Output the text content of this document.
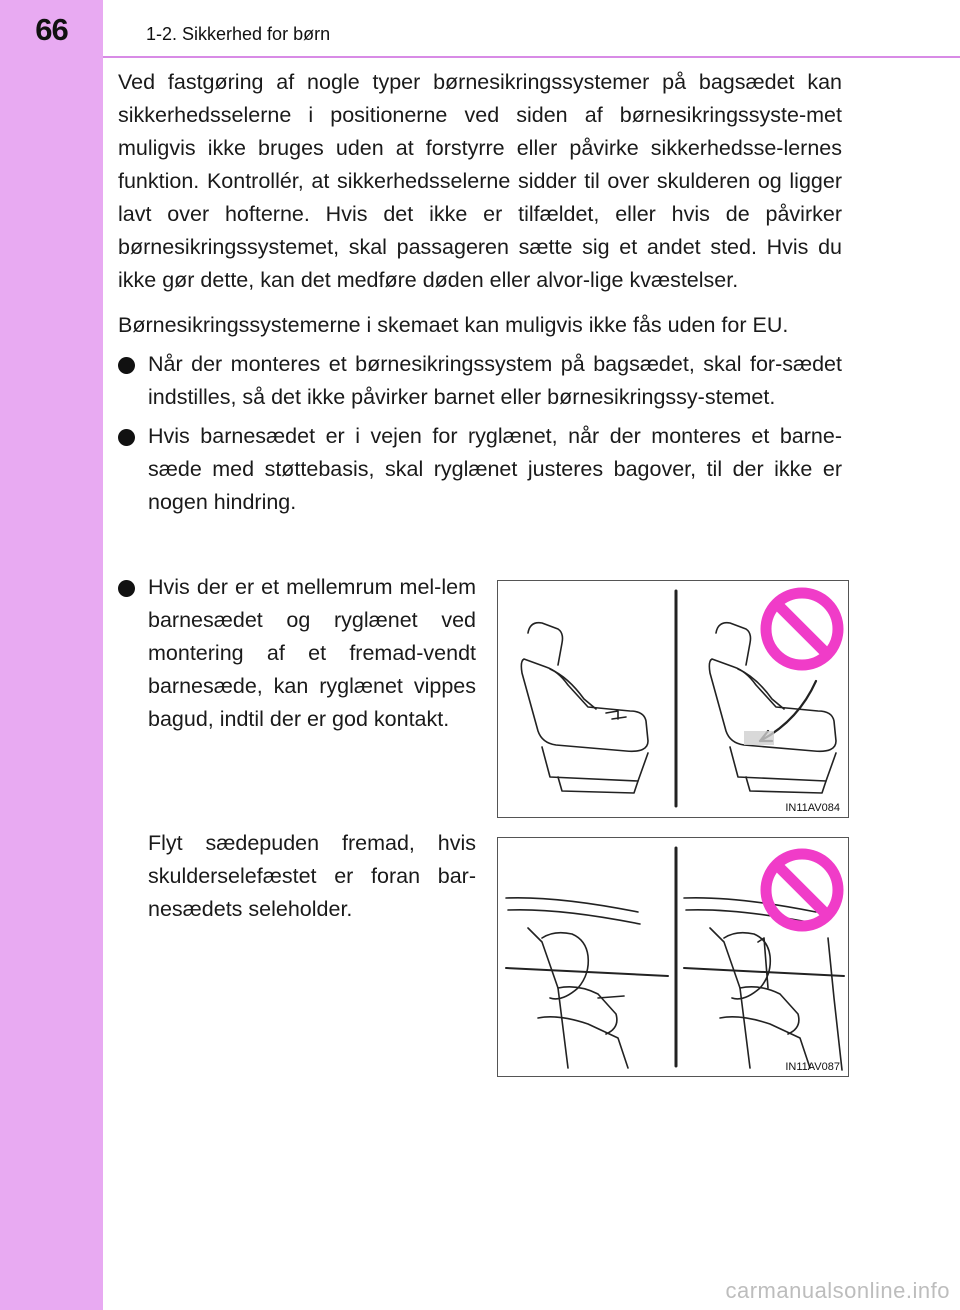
66	1-2. Sikkerhed for børn

Ved fastgøring af nogle typer børnesikringssystemer på bagsædet kan sikkerhedsselerne i positionerne ved siden af børnesikringssyste-met muligvis ikke bruges uden at forstyrre eller påvirke sikkerhedsse-lernes funktion. Kontrollér, at sikkerhedsselerne sidder til over skulderen og ligger lavt over hofterne. Hvis det ikke er tilfældet, eller hvis de påvirker børnesikringssystemet, skal passageren sætte sig et andet sted. Hvis du ikke gør dette, kan det medføre døden eller alvor-lige kvæstelser.

Børnesikringssystemerne i skemaet kan muligvis ikke fås uden for EU.

Når der monteres et børnesikringssystem på bagsædet, skal for-sædet indstilles, så det ikke påvirker barnet eller børnesikringssy-stemet.
Hvis barnesædet er i vejen for ryglænet, når der monteres et barne-sæde med støttebasis, skal ryglænet justeres bagover, til der ikke er nogen hindring.
Hvis der er et mellemrum mel-lem barnesædet og ryglænet ved montering af et fremad-vendt barnesæde, kan ryglænet vippes bagud, indtil der er god kontakt.

Flyt sædepuden fremad, hvis skulderselefæstet er foran bar-nesædets seleholder.

IN11AV084
IN11AV087
carmanualsonline.info
